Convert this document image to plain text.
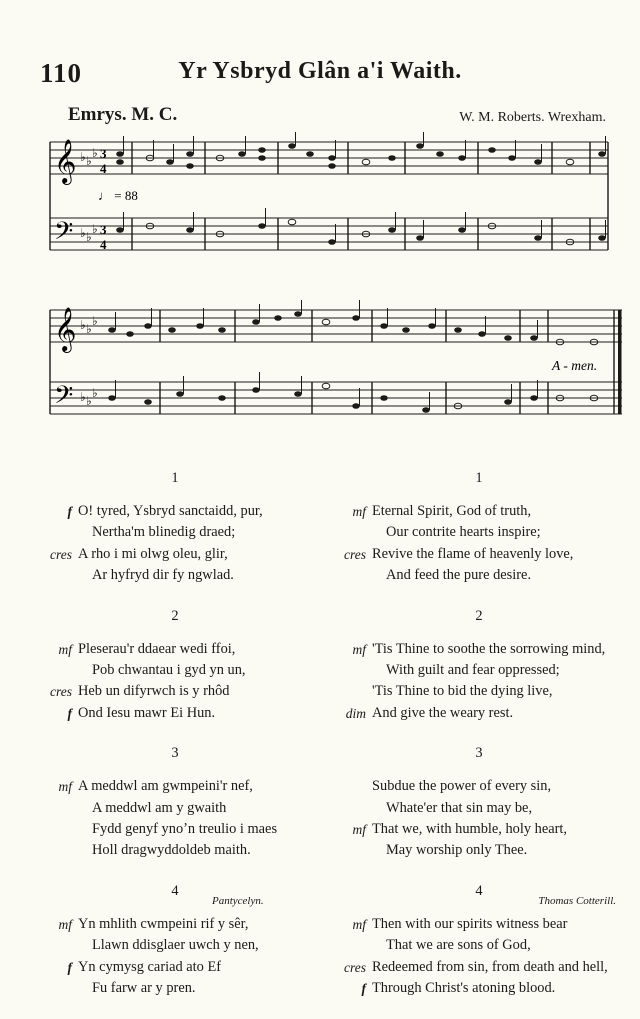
110	Yr Ysbryd Glân a'i Waith.
Emrys. M. C.	W. M. Roberts. Wrexham.
𝄞
𝄢
♭ ♭
♭
♭ ♭
♭
3
4
3
4
♩ = 88
𝄞
𝄢
♭ ♭
♭
♭ ♭
♭
A - men.
1
f O! tyred, Ysbryd sanctaidd, pur,
Nertha'm blinedig draed;
cres A rho i mi olwg oleu, glir,
Ar hyfryd dir fy ngwlad.
2
mf Pleserau'r ddaear wedi ffoi,
Pob chwantau i gyd yn un,
cres Heb un difyrwch is y rhôd
f Ond Iesu mawr Ei Hun.
3
mf A meddwl am gwmpeini'r nef,
A meddwl am y gwaith
Fydd genyf ynoʼn treulio i maes
Holl dragwyddoldeb maith.
4
mf Yn mhlith cwmpeini rif y sêr,
Llawn ddisglaer uwch y nen,
f Yn cymysg cariad ato Ef
Fu farw ar y pren.
1
mf Eternal Spirit, God of truth,
Our contrite hearts inspire;
cres Revive the flame of heavenly love,
And feed the pure desire.
2
mf 'Tis Thine to soothe the sorrowing mind,
With guilt and fear oppressed;
'Tis Thine to bid the dying live,
dim And give the weary rest.
3
Subdue the power of every sin,
Whate'er that sin may be,
mf That we, with humble, holy heart,
May worship only Thee.
4
mf Then with our spirits witness bear
That we are sons of God,
cres Redeemed from sin, from death and hell,
f Through Christ's atoning blood.
Pantycelyn.	Thomas Cotterill.
